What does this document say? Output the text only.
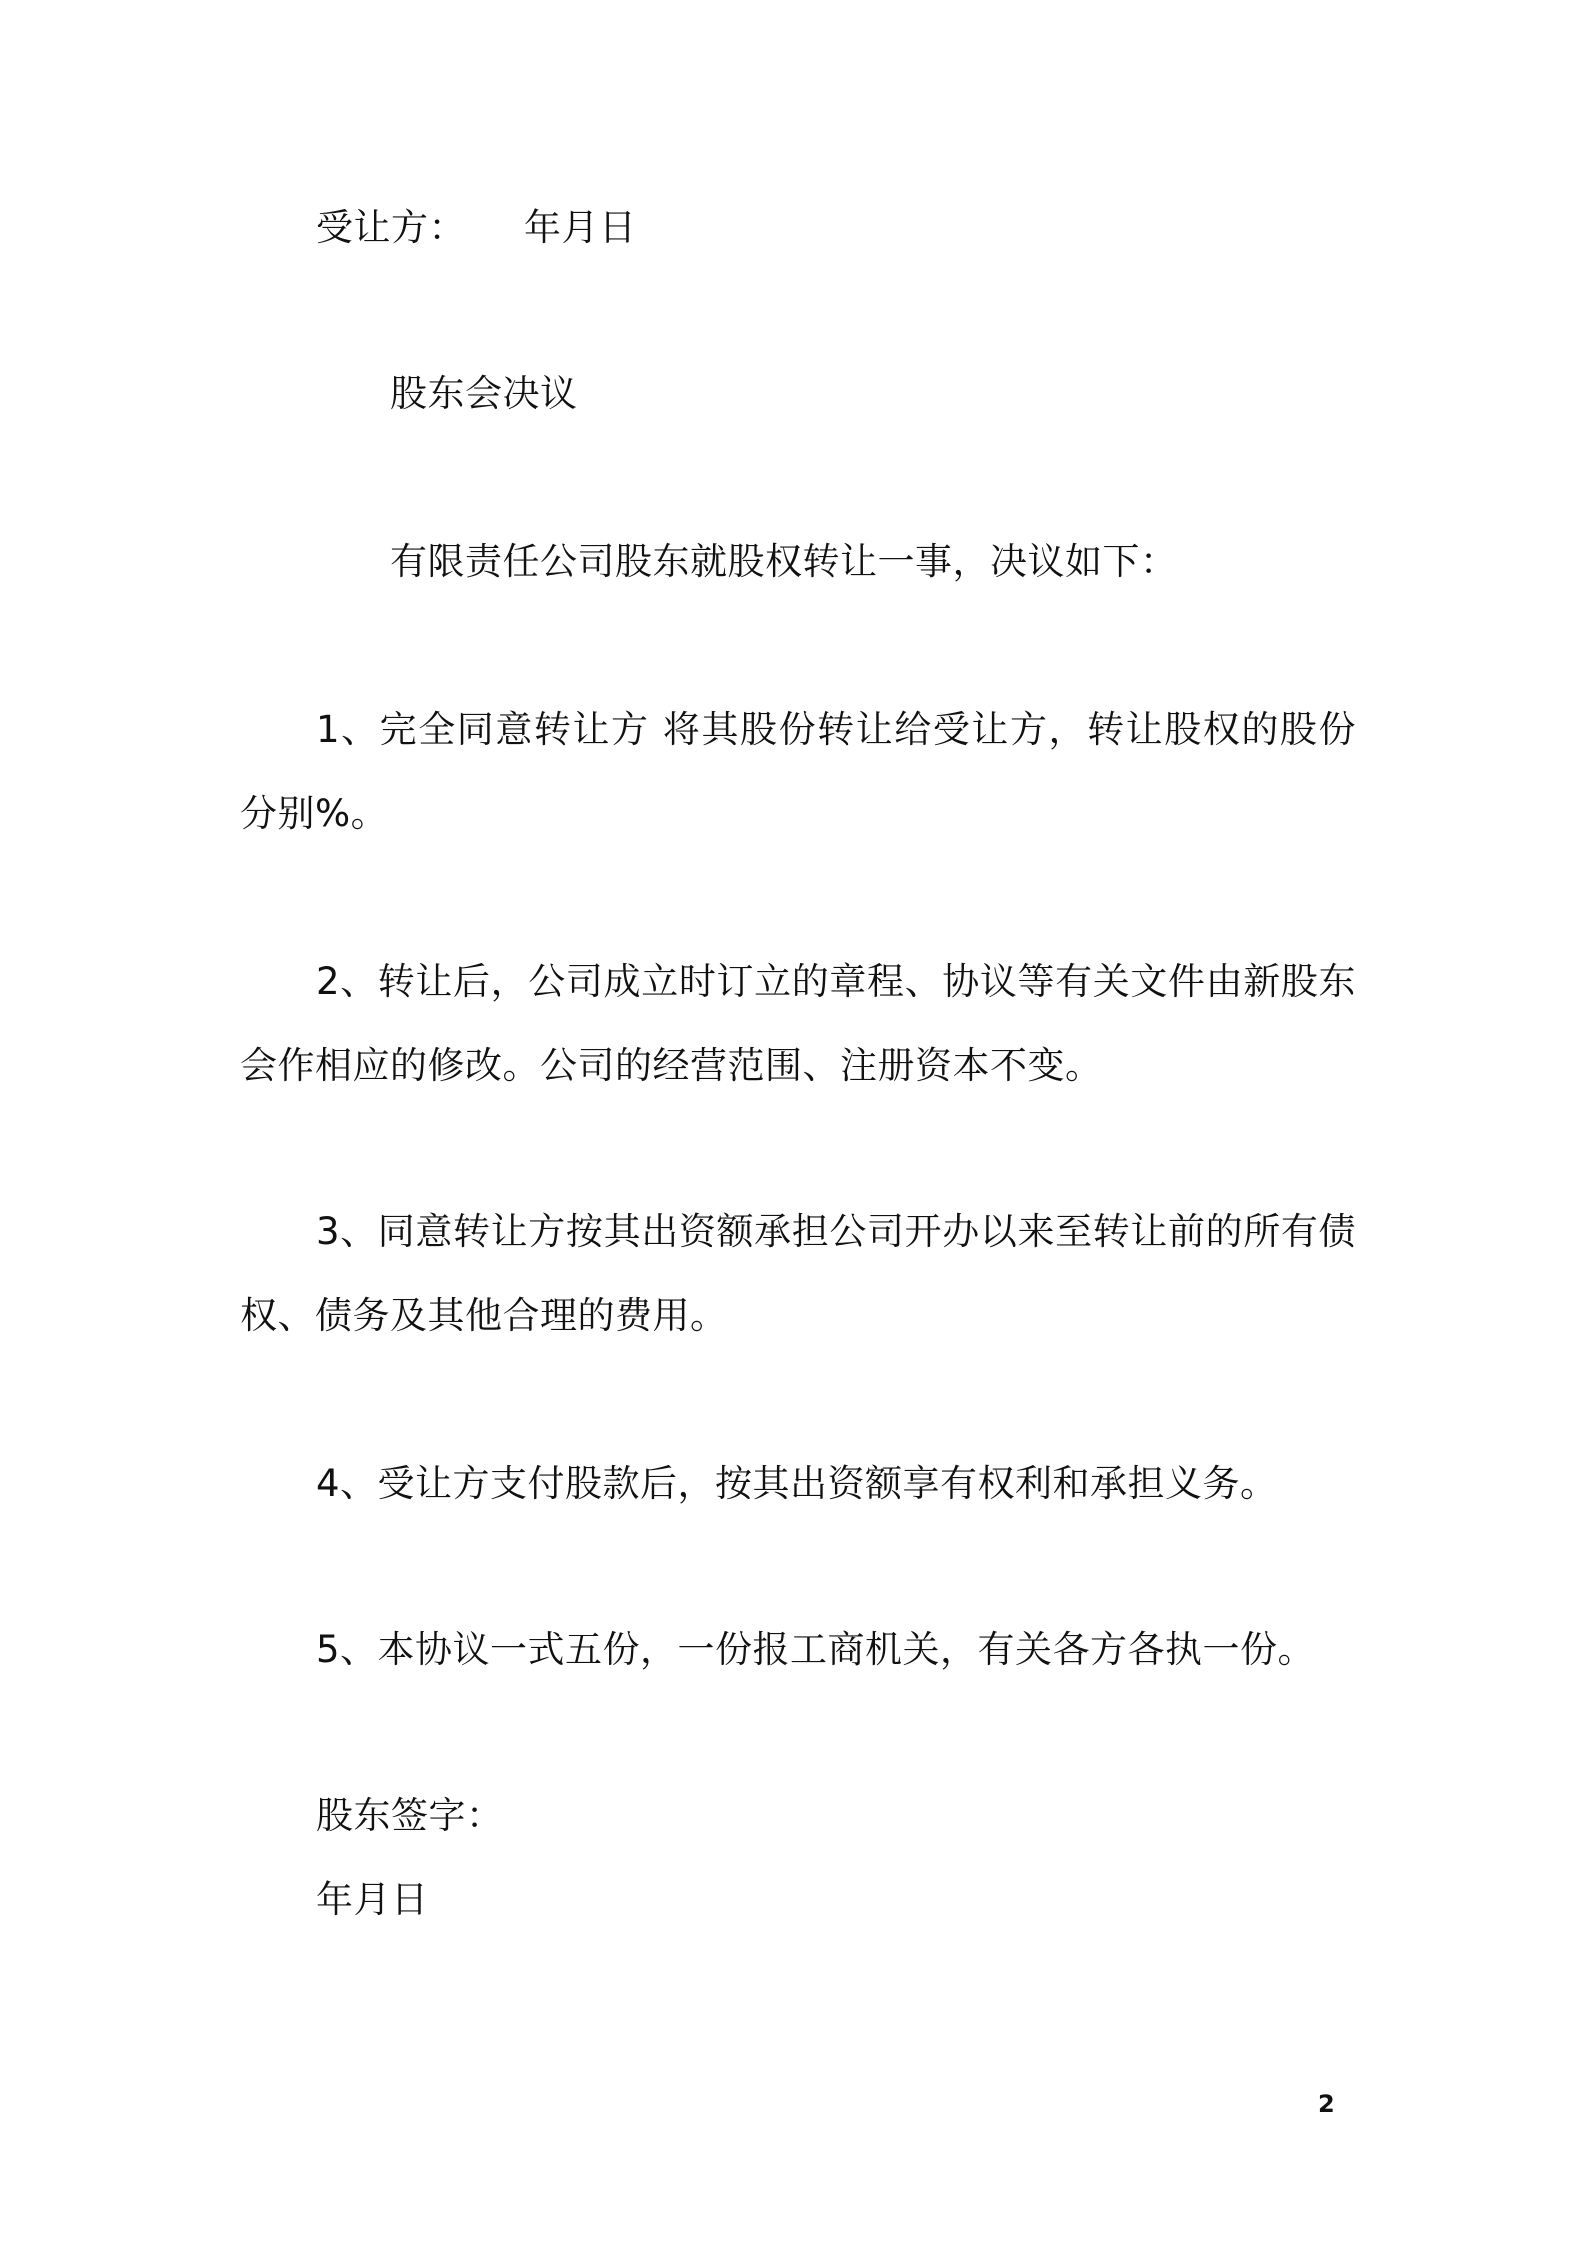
受让方： 年月日
股东会决议
有限责任公司股东就股权转让一事，决议如下：
1、完全同意转让方 将其股份转让给受让方，转让股权的股份分别%。
2、转让后，公司成立时订立的章程、协议等有关文件由新股东会作相应的修改。公司的经营范围、注册资本不变。
3、同意转让方按其出资额承担公司开办以来至转让前的所有债权、债务及其他合理的费用。
4、受让方支付股款后，按其出资额享有权利和承担义务。
5、本协议一式五份，一份报工商机关，有关各方各执一份。
股东签字：
年月日
2
